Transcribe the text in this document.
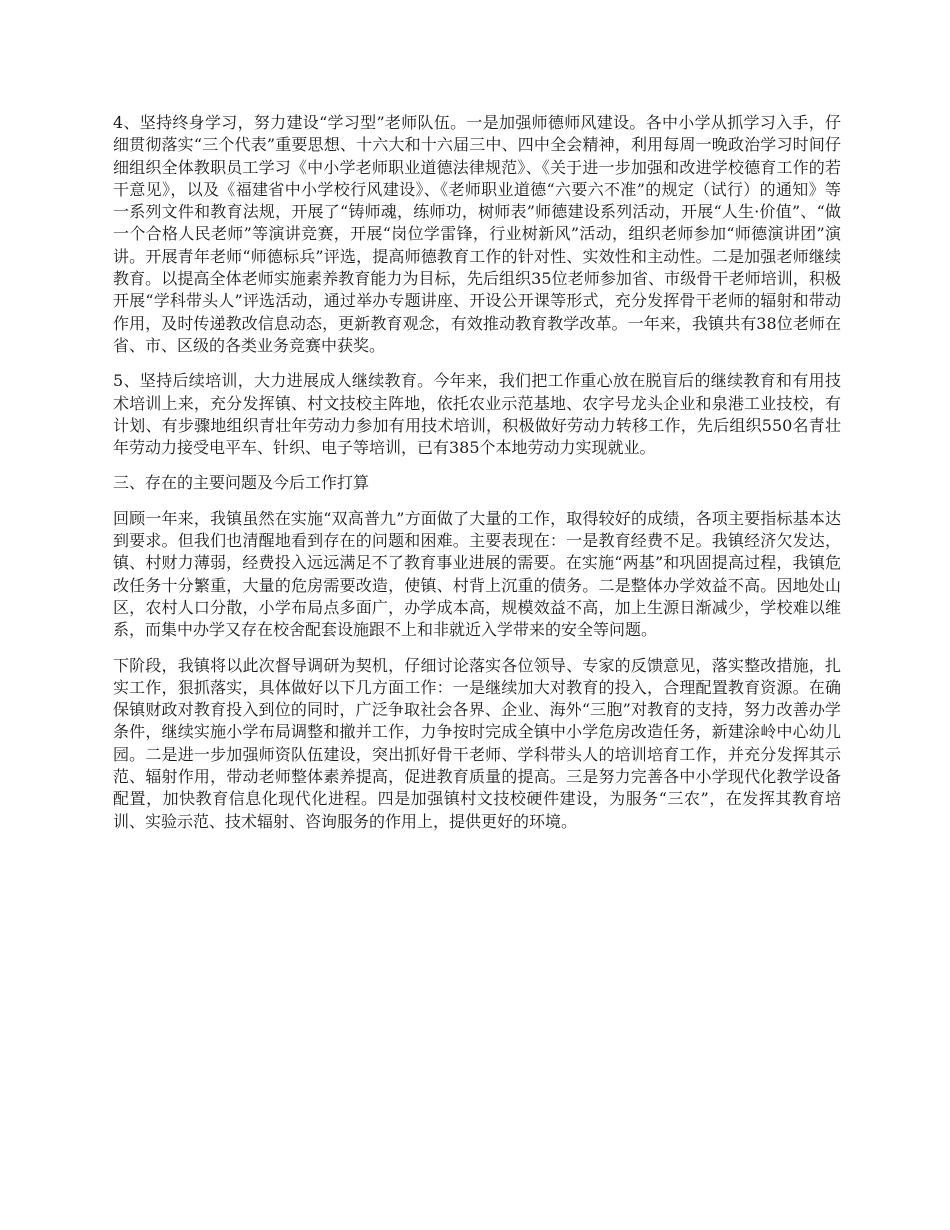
4、坚持终身学习，努力建设“学习型”老师队伍。一是加强师德师风建设。各中小学从抓学习入手，仔细贯彻落实“三个代表”重要思想、十六大和十六届三中、四中全会精神，利用每周一晚政治学习时间仔细组织全体教职员工学习《中小学老师职业道德法律规范》、《关于进一步加强和改进学校德育工作的若干意见》，以及《福建省中小学校行风建设》、《老师职业道德“六要六不准”的规定（试行）的通知》等一系列文件和教育法规，开展了“铸师魂，练师功，树师表”师德建设系列活动，开展“人生·价值”、“做一个合格人民老师”等演讲竞赛，开展“岗位学雷锋，行业树新风”活动，组织老师参加“师德演讲团”演讲。开展青年老师“师德标兵”评选，提高师德教育工作的针对性、实效性和主动性。二是加强老师继续教育。以提高全体老师实施素养教育能力为目标，先后组织35位老师参加省、市级骨干老师培训，积极开展“学科带头人”评选活动，通过举办专题讲座、开设公开课等形式，充分发挥骨干老师的辐射和带动作用，及时传递教改信息动态，更新教育观念，有效推动教育教学改革。一年来，我镇共有38位老师在省、市、区级的各类业务竞赛中获奖。

5、坚持后续培训，大力进展成人继续教育。今年来，我们把工作重心放在脱盲后的继续教育和有用技术培训上来，充分发挥镇、村文技校主阵地，依托农业示范基地、农字号龙头企业和泉港工业技校，有计划、有步骤地组织青壮年劳动力参加有用技术培训，积极做好劳动力转移工作，先后组织550名青壮年劳动力接受电平车、针织、电子等培训，已有385个本地劳动力实现就业。

三、存在的主要问题及今后工作打算

回顾一年来，我镇虽然在实施“双高普九”方面做了大量的工作，取得较好的成绩，各项主要指标基本达到要求。但我们也清醒地看到存在的问题和困难。主要表现在：一是教育经费不足。我镇经济欠发达，镇、村财力薄弱，经费投入远远满足不了教育事业进展的需要。在实施“两基”和巩固提高过程，我镇危改任务十分繁重，大量的危房需要改造，使镇、村背上沉重的债务。二是整体办学效益不高。因地处山区，农村人口分散，小学布局点多面广，办学成本高，规模效益不高，加上生源日渐减少，学校难以维系，而集中办学又存在校舍配套设施跟不上和非就近入学带来的安全等问题。

下阶段，我镇将以此次督导调研为契机，仔细讨论落实各位领导、专家的反馈意见，落实整改措施，扎实工作，狠抓落实，具体做好以下几方面工作：一是继续加大对教育的投入，合理配置教育资源。在确保镇财政对教育投入到位的同时，广泛争取社会各界、企业、海外“三胞”对教育的支持，努力改善办学条件，继续实施小学布局调整和撤并工作，力争按时完成全镇中小学危房改造任务，新建涂岭中心幼儿园。二是进一步加强师资队伍建设，突出抓好骨干老师、学科带头人的培训培育工作，并充分发挥其示范、辐射作用，带动老师整体素养提高，促进教育质量的提高。三是努力完善各中小学现代化教学设备配置，加快教育信息化现代化进程。四是加强镇村文技校硬件建设，为服务“三农”，在发挥其教育培训、实验示范、技术辐射、咨询服务的作用上，提供更好的环境。
